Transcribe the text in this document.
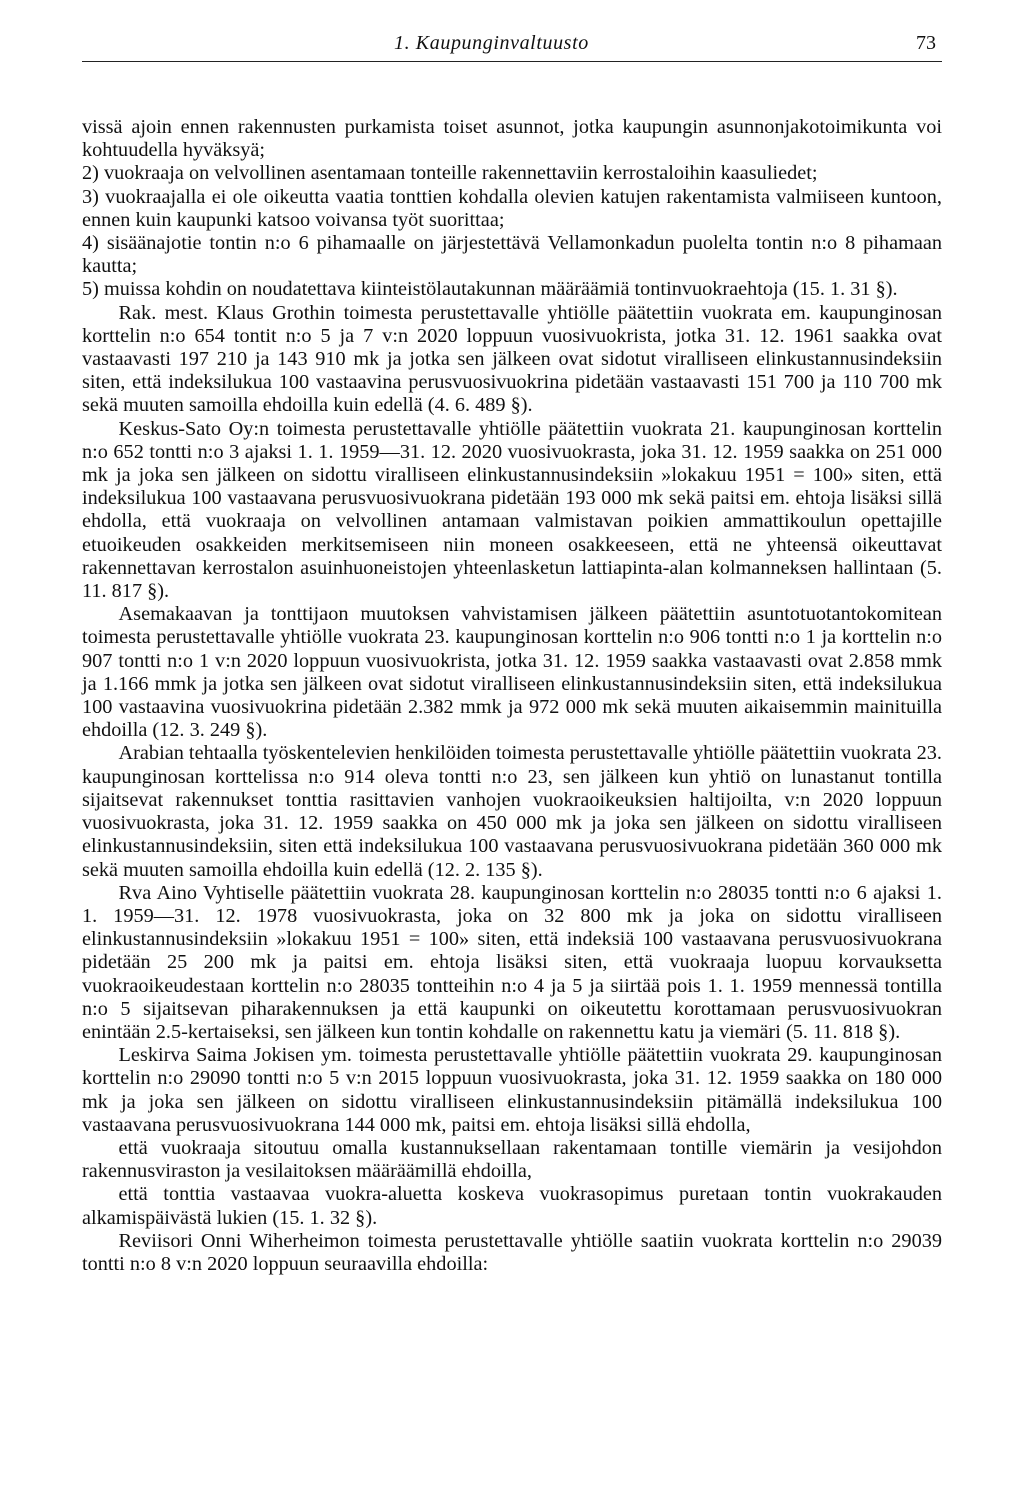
1. Kaupunginvaltuusto	73

vissä ajoin ennen rakennusten purkamista toiset asunnot, jotka kaupungin asunnonjakotoimikunta voi kohtuudella hyväksyä;

2) vuokraaja on velvollinen asentamaan tonteille rakennettaviin kerrostaloihin kaasuliedet;

3) vuokraajalla ei ole oikeutta vaatia tonttien kohdalla olevien katujen rakentamista valmiiseen kuntoon, ennen kuin kaupunki katsoo voivansa työt suorittaa;

4) sisäänajotie tontin n:o 6 pihamaalle on järjestettävä Vellamonkadun puolelta tontin n:o 8 pihamaan kautta;

5) muissa kohdin on noudatettava kiinteistölautakunnan määräämiä tontinvuokraehtoja (15. 1. 31 §).

Rak. mest. Klaus Grothin toimesta perustettavalle yhtiölle päätettiin vuokrata em. kaupunginosan korttelin n:o 654 tontit n:o 5 ja 7 v:n 2020 loppuun vuosivuokrista, jotka 31. 12. 1961 saakka ovat vastaavasti 197 210 ja 143 910 mk ja jotka sen jälkeen ovat sidotut viralliseen elinkustannusindeksiin siten, että indeksilukua 100 vastaavina perusvuosivuokrina pidetään vastaavasti 151 700 ja 110 700 mk sekä muuten samoilla ehdoilla kuin edellä (4. 6. 489 §).

Keskus-Sato Oy:n toimesta perustettavalle yhtiölle päätettiin vuokrata 21. kaupunginosan korttelin n:o 652 tontti n:o 3 ajaksi 1. 1. 1959—31. 12. 2020 vuosivuokrasta, joka 31. 12. 1959 saakka on 251 000 mk ja joka sen jälkeen on sidottu viralliseen elinkustannusindeksiin »lokakuu 1951 = 100» siten, että indeksilukua 100 vastaavana perusvuosivuokrana pidetään 193 000 mk sekä paitsi em. ehtoja lisäksi sillä ehdolla, että vuokraaja on velvollinen antamaan valmistavan poikien ammattikoulun opettajille etuoikeuden osakkeiden merkitsemiseen niin moneen osakkeeseen, että ne yhteensä oikeuttavat rakennettavan kerrostalon asuinhuoneistojen yhteenlasketun lattiapinta-alan kolmanneksen hallintaan (5. 11. 817 §).

Asemakaavan ja tonttijaon muutoksen vahvistamisen jälkeen päätettiin asuntotuotantokomitean toimesta perustettavalle yhtiölle vuokrata 23. kaupunginosan korttelin n:o 906 tontti n:o 1 ja korttelin n:o 907 tontti n:o 1 v:n 2020 loppuun vuosivuokrista, jotka 31. 12. 1959 saakka vastaavasti ovat 2.858 mmk ja 1.166 mmk ja jotka sen jälkeen ovat sidotut viralliseen elinkustannusindeksiin siten, että indeksilukua 100 vastaavina vuosivuokrina pidetään 2.382 mmk ja 972 000 mk sekä muuten aikaisemmin mainituilla ehdoilla (12. 3. 249 §).

Arabian tehtaalla työskentelevien henkilöiden toimesta perustettavalle yhtiölle päätettiin vuokrata 23. kaupunginosan korttelissa n:o 914 oleva tontti n:o 23, sen jälkeen kun yhtiö on lunastanut tontilla sijaitsevat rakennukset tonttia rasittavien vanhojen vuokraoikeuksien haltijoilta, v:n 2020 loppuun vuosivuokrasta, joka 31. 12. 1959 saakka on 450 000 mk ja joka sen jälkeen on sidottu viralliseen elinkustannusindeksiin, siten että indeksilukua 100 vastaavana perusvuosivuokrana pidetään 360 000 mk sekä muuten samoilla ehdoilla kuin edellä (12. 2. 135 §).

Rva Aino Vyhtiselle päätettiin vuokrata 28. kaupunginosan korttelin n:o 28035 tontti n:o 6 ajaksi 1. 1. 1959—31. 12. 1978 vuosivuokrasta, joka on 32 800 mk ja joka on sidottu viralliseen elinkustannusindeksiin »lokakuu 1951 = 100» siten, että indeksiä 100 vastaavana perusvuosivuokrana pidetään 25 200 mk ja paitsi em. ehtoja lisäksi siten, että vuokraaja luopuu korvauksetta vuokraoikeudestaan korttelin n:o 28035 tontteihin n:o 4 ja 5 ja siirtää pois 1. 1. 1959 mennessä tontilla n:o 5 sijaitsevan piharakennuksen ja että kaupunki on oikeutettu korottamaan perusvuosivuokran enintään 2.5-kertaiseksi, sen jälkeen kun tontin kohdalle on rakennettu katu ja viemäri (5. 11. 818 §).

Leskirva Saima Jokisen ym. toimesta perustettavalle yhtiölle päätettiin vuokrata 29. kaupunginosan korttelin n:o 29090 tontti n:o 5 v:n 2015 loppuun vuosivuokrasta, joka 31. 12. 1959 saakka on 180 000 mk ja joka sen jälkeen on sidottu viralliseen elinkustannusindeksiin pitämällä indeksilukua 100 vastaavana perusvuosivuokrana 144 000 mk, paitsi em. ehtoja lisäksi sillä ehdolla,

että vuokraaja sitoutuu omalla kustannuksellaan rakentamaan tontille viemärin ja vesijohdon rakennusviraston ja vesilaitoksen määräämillä ehdoilla,

että tonttia vastaavaa vuokra-aluetta koskeva vuokrasopimus puretaan tontin vuokrakauden alkamispäivästä lukien (15. 1. 32 §).

Reviisori Onni Wiherheimon toimesta perustettavalle yhtiölle saatiin vuokrata korttelin n:o 29039 tontti n:o 8 v:n 2020 loppuun seuraavilla ehdoilla:
